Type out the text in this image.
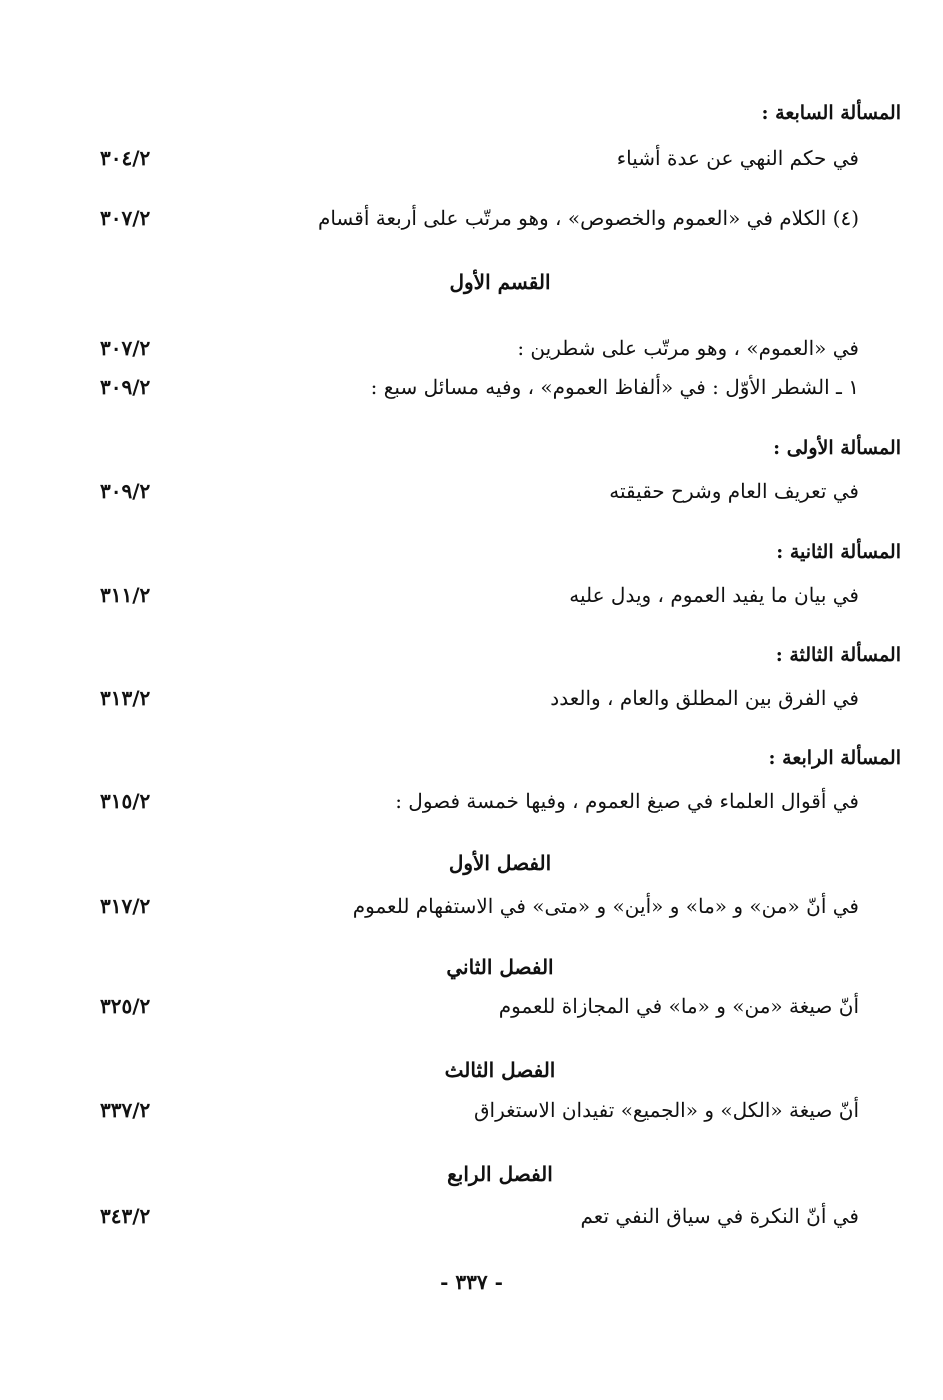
المسألة السابعة :
في حكم النهي عن عدة أشياء
٣٠٤/٢
(٤) الكلام في «العموم والخصوص» ، وهو مرتّب على أربعة أقسام
٣٠٧/٢
القسم الأول
في «العموم» ، وهو مرتّب على شطرين :
٣٠٧/٢
١ ـ الشطر الأوّل : في «ألفاظ العموم» ، وفيه مسائل سبع :
٣٠٩/٢
المسألة الأولى :
في تعريف العام وشرح حقيقته
٣٠٩/٢
المسألة الثانية :
في بيان ما يفيد العموم ، ويدل عليه
٣١١/٢
المسألة الثالثة :
في الفرق بين المطلق والعام ، والعدد
٣١٣/٢
المسألة الرابعة :
في أقوال العلماء في صيغ العموم ، وفيها خمسة فصول :
٣١٥/٢
الفصل الأول
في أنّ «من» و «ما» و «أين» و «متى» في الاستفهام للعموم
٣١٧/٢
الفصل الثاني
أنّ صيغة «من» و «ما» في المجازاة للعموم
٣٢٥/٢
الفصل الثالث
أنّ صيغة «الكل» و «الجميع» تفيدان الاستغراق
٣٣٧/٢
الفصل الرابع
في أنّ النكرة في سياق النفي تعم
٣٤٣/٢
- ٣٣٧ -
